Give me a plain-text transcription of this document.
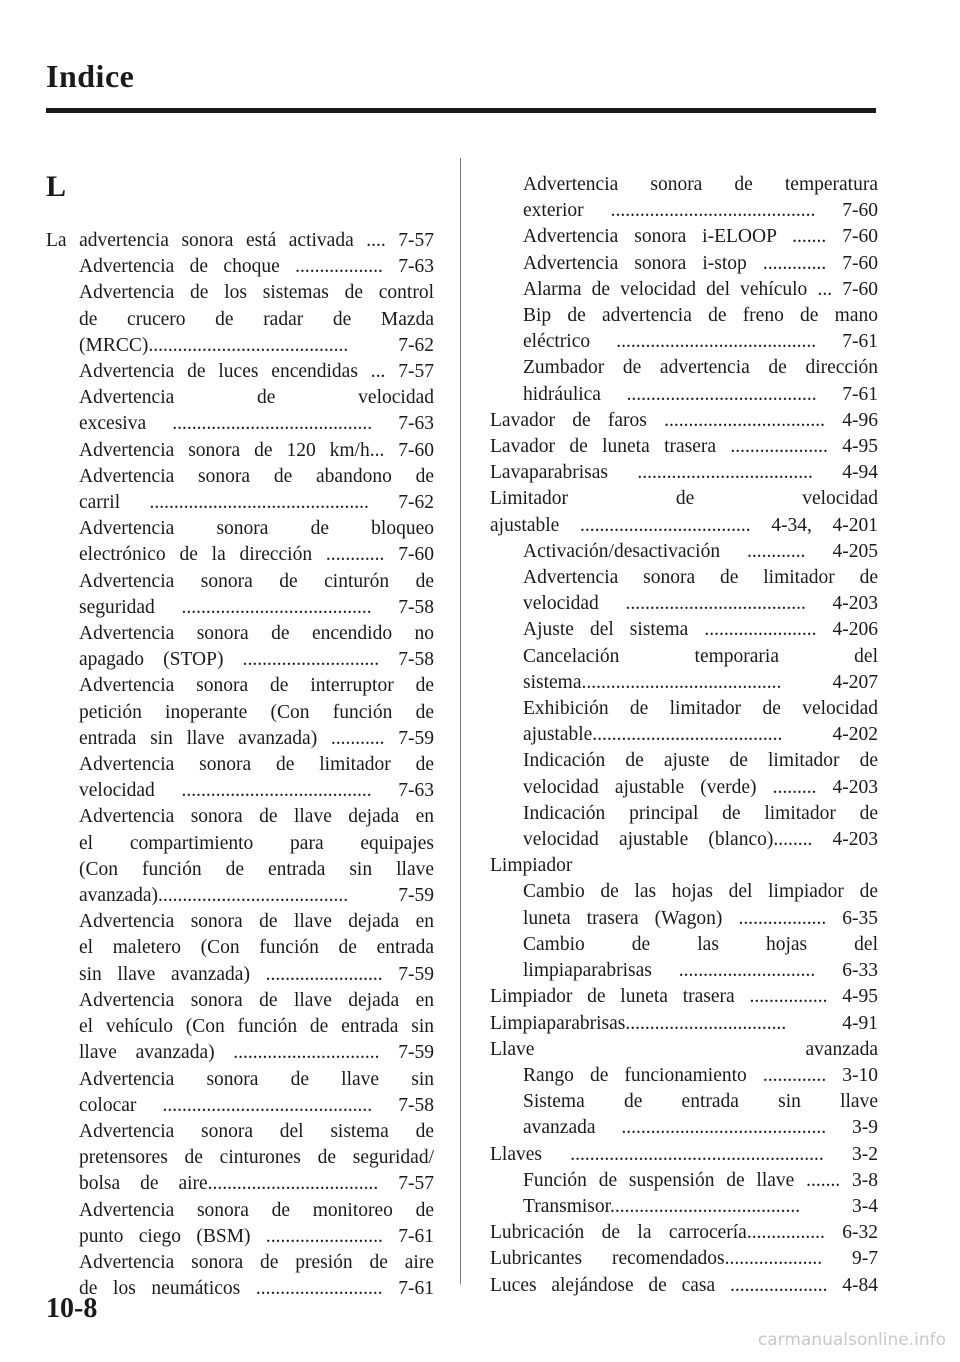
Indice
L
La advertencia sonora está activada .... 7-57
Advertencia de choque .................. 7-63
Advertencia de los sistemas de control
de crucero de radar de Mazda
(MRCC)......................................... 7-62
Advertencia de luces encendidas ... 7-57
Advertencia de velocidad
excesiva ......................................... 7-63
Advertencia sonora de 120 km/h... 7-60
Advertencia sonora de abandono de
carril ............................................. 7-62
Advertencia sonora de bloqueo
electrónico de la dirección ............ 7-60
Advertencia sonora de cinturón de
seguridad ....................................... 7-58
Advertencia sonora de encendido no
apagado (STOP) ............................ 7-58
Advertencia sonora de interruptor de
petición inoperante (Con función de
entrada sin llave avanzada) ........... 7-59
Advertencia sonora de limitador de
velocidad ....................................... 7-63
Advertencia sonora de llave dejada en
el compartimiento para equipajes
(Con función de entrada sin llave
avanzada)....................................... 7-59
Advertencia sonora de llave dejada en
el maletero (Con función de entrada
sin llave avanzada) ........................ 7-59
Advertencia sonora de llave dejada en
el vehículo (Con función de entrada sin
llave avanzada) .............................. 7-59
Advertencia sonora de llave sin
colocar ........................................... 7-58
Advertencia sonora del sistema de
pretensores de cinturones de seguridad/
bolsa de aire................................... 7-57
Advertencia sonora de monitoreo de
punto ciego (BSM) ........................ 7-61
Advertencia sonora de presión de aire
de los neumáticos .......................... 7-61
Advertencia sonora de temperatura
exterior .......................................... 7-60
Advertencia sonora i-ELOOP ....... 7-60
Advertencia sonora i-stop ............. 7-60
Alarma de velocidad del vehículo ... 7-60
Bip de advertencia de freno de mano
eléctrico ......................................... 7-61
Zumbador de advertencia de dirección
hidráulica ....................................... 7-61
Lavador de faros ................................. 4-96
Lavador de luneta trasera .................... 4-95
Lavaparabrisas .................................... 4-94
Limitador de velocidad
ajustable ................................... 4-34, 4-201
Activación/desactivación ............ 4-205
Advertencia sonora de limitador de
velocidad ..................................... 4-203
Ajuste del sistema ....................... 4-206
Cancelación temporaria del
sistema......................................... 4-207
Exhibición de limitador de velocidad
ajustable....................................... 4-202
Indicación de ajuste de limitador de
velocidad ajustable (verde) ......... 4-203
Indicación principal de limitador de
velocidad ajustable (blanco)........ 4-203
Limpiador
Cambio de las hojas del limpiador de
luneta trasera (Wagon) .................. 6-35
Cambio de las hojas del
limpiaparabrisas ............................ 6-33
Limpiador de luneta trasera ................ 4-95
Limpiaparabrisas................................. 4-91
Llave avanzada
Rango de funcionamiento ............. 3-10
Sistema de entrada sin llave
avanzada .......................................... 3-9
Llaves .................................................... 3-2
Función de suspensión de llave ....... 3-8
Transmisor....................................... 3-4
Lubricación de la carrocería................ 6-32
Lubricantes recomendados.................... 9-7
Luces alejándose de casa .................... 4-84
10-8
carmanualsonline.info
